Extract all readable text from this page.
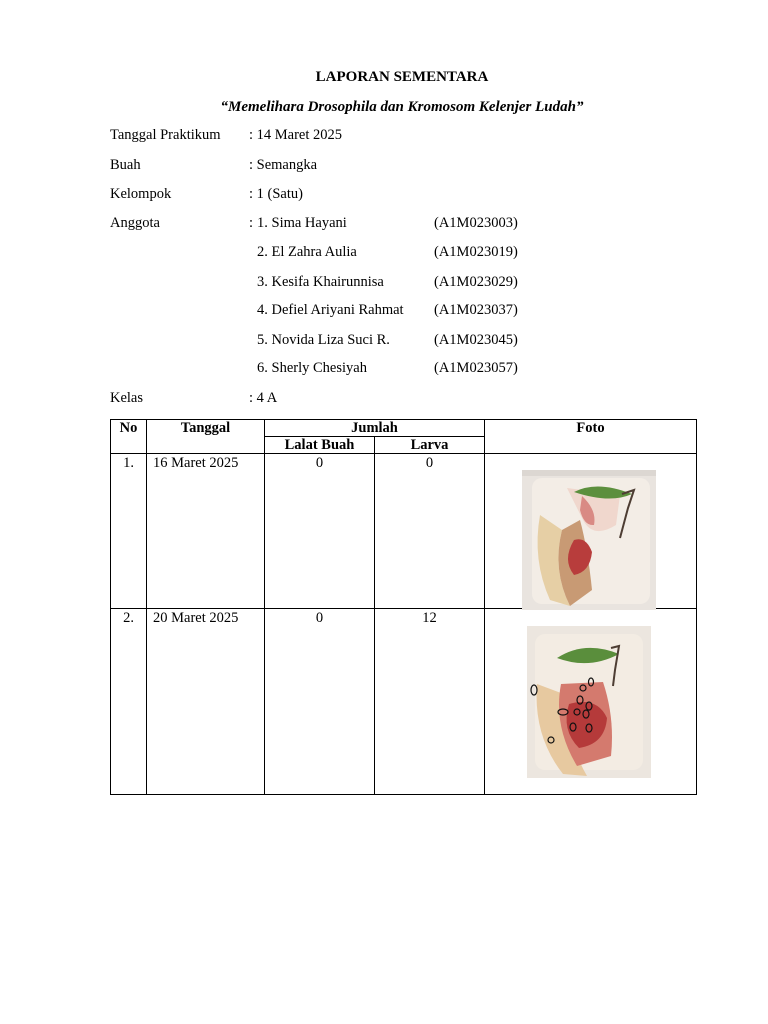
LAPORAN SEMENTARA
“Memelihara Drosophila dan Kromosom Kelenjer Ludah”
Tanggal Praktikum : 14 Maret 2025
Buah	: Semangka
Kelompok	: 1 (Satu)
Anggota	: 1. Sima Hayani	(A1M023003)
2. El Zahra Aulia	(A1M023019)
3. Kesifa Khairunnisa	(A1M023029)
4. Defiel Ariyani Rahmat (A1M023037)
5. Novida Liza Suci R.	(A1M023045)
6. Sherly Chesiyah	(A1M023057)
Kelas	: 4 A
No	Tanggal	Jumlah		Foto
		Lalat Buah	Larva	
1.	16 Maret 2025	0	0	

2.	20 Maret 2025	0	12	
